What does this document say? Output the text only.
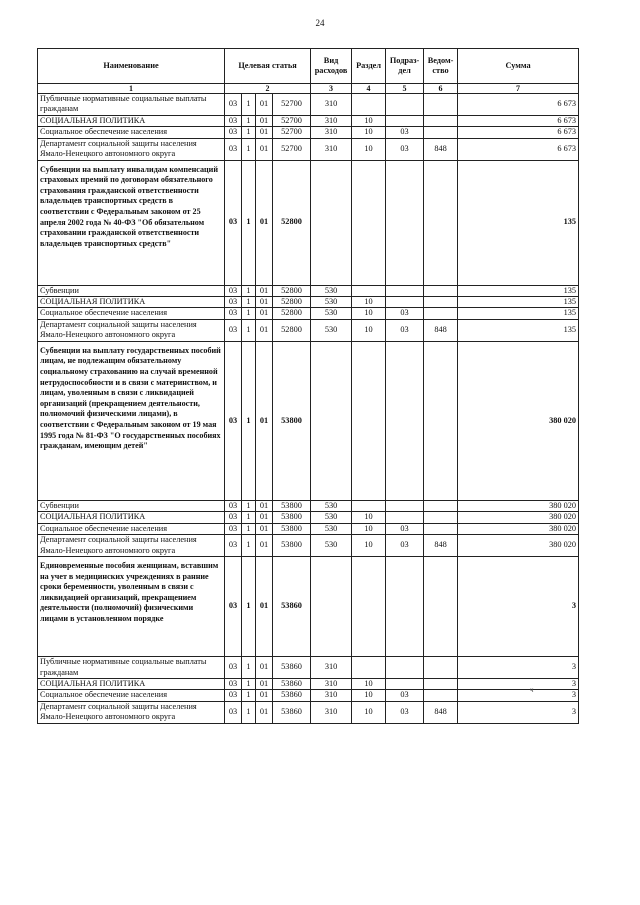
24
Наименование	Целевая статья				Вид расходов	Раздел	Подраз-дел	Ведом-ство	Сумма
1	2				3	4	5	6	7
Публичные нормативные социальные выплаты гражданам	03	1	01	52700	310				6 673
СОЦИАЛЬНАЯ ПОЛИТИКА	03	1	01	52700	310	10			6 673
Социальное обеспечение населения	03	1	01	52700	310	10	03		6 673
Департамент социальной защиты населения Ямало-Ненецкого автономного округа	03	1	01	52700	310	10	03	848	6 673
Субвенции на выплату инвалидам компенсаций страховых премий по договорам обязательного страхования гражданской ответственности владельцев транспортных средств в соответствии с Федеральным законом от 25 апреля 2002 года № 40-ФЗ "Об обязательном страховании гражданской ответственности владельцев транспортных средств"	03	1	01	52800					135
Субвенции	03	1	01	52800	530				135
СОЦИАЛЬНАЯ ПОЛИТИКА	03	1	01	52800	530	10			135
Социальное обеспечение населения	03	1	01	52800	530	10	03		135
Департамент социальной защиты населения Ямало-Ненецкого автономного округа	03	1	01	52800	530	10	03	848	135
Субвенции на выплату государственных пособий лицам, не подлежащим обязательному социальному страхованию на случай временной нетрудоспособности и в связи с материнством, и лицам, уволенным в связи с ликвидацией организаций (прекращением деятельности, полномочий физическими лицами), в соответствии с Федеральным законом от 19 мая 1995 года № 81-ФЗ "О государственных пособиях гражданам, имеющим детей"	03	1	01	53800					380 020
Субвенции	03	1	01	53800	530				380 020
СОЦИАЛЬНАЯ ПОЛИТИКА	03	1	01	53800	530	10			380 020
Социальное обеспечение населения	03	1	01	53800	530	10	03		380 020
Департамент социальной защиты населения Ямало-Ненецкого автономного округа	03	1	01	53800	530	10	03	848	380 020
Единовременные пособия женщинам, вставшим на учет в медицинских учреждениях в ранние сроки беременности, уволенным в связи с ликвидацией организаций, прекращением деятельности (полномочий) физическими лицами в установленном порядке	03	1	01	53860					3
Публичные нормативные социальные выплаты гражданам	03	1	01	53860	310				3
СОЦИАЛЬНАЯ ПОЛИТИКА	03	1	01	53860	310	10			3
Социальное обеспечение населения	03	1	01	53860	310	10	03		3
Департамент социальной защиты населения Ямало-Ненецкого автономного округа	03	1	01	53860	310	10	03	848	3
ч
